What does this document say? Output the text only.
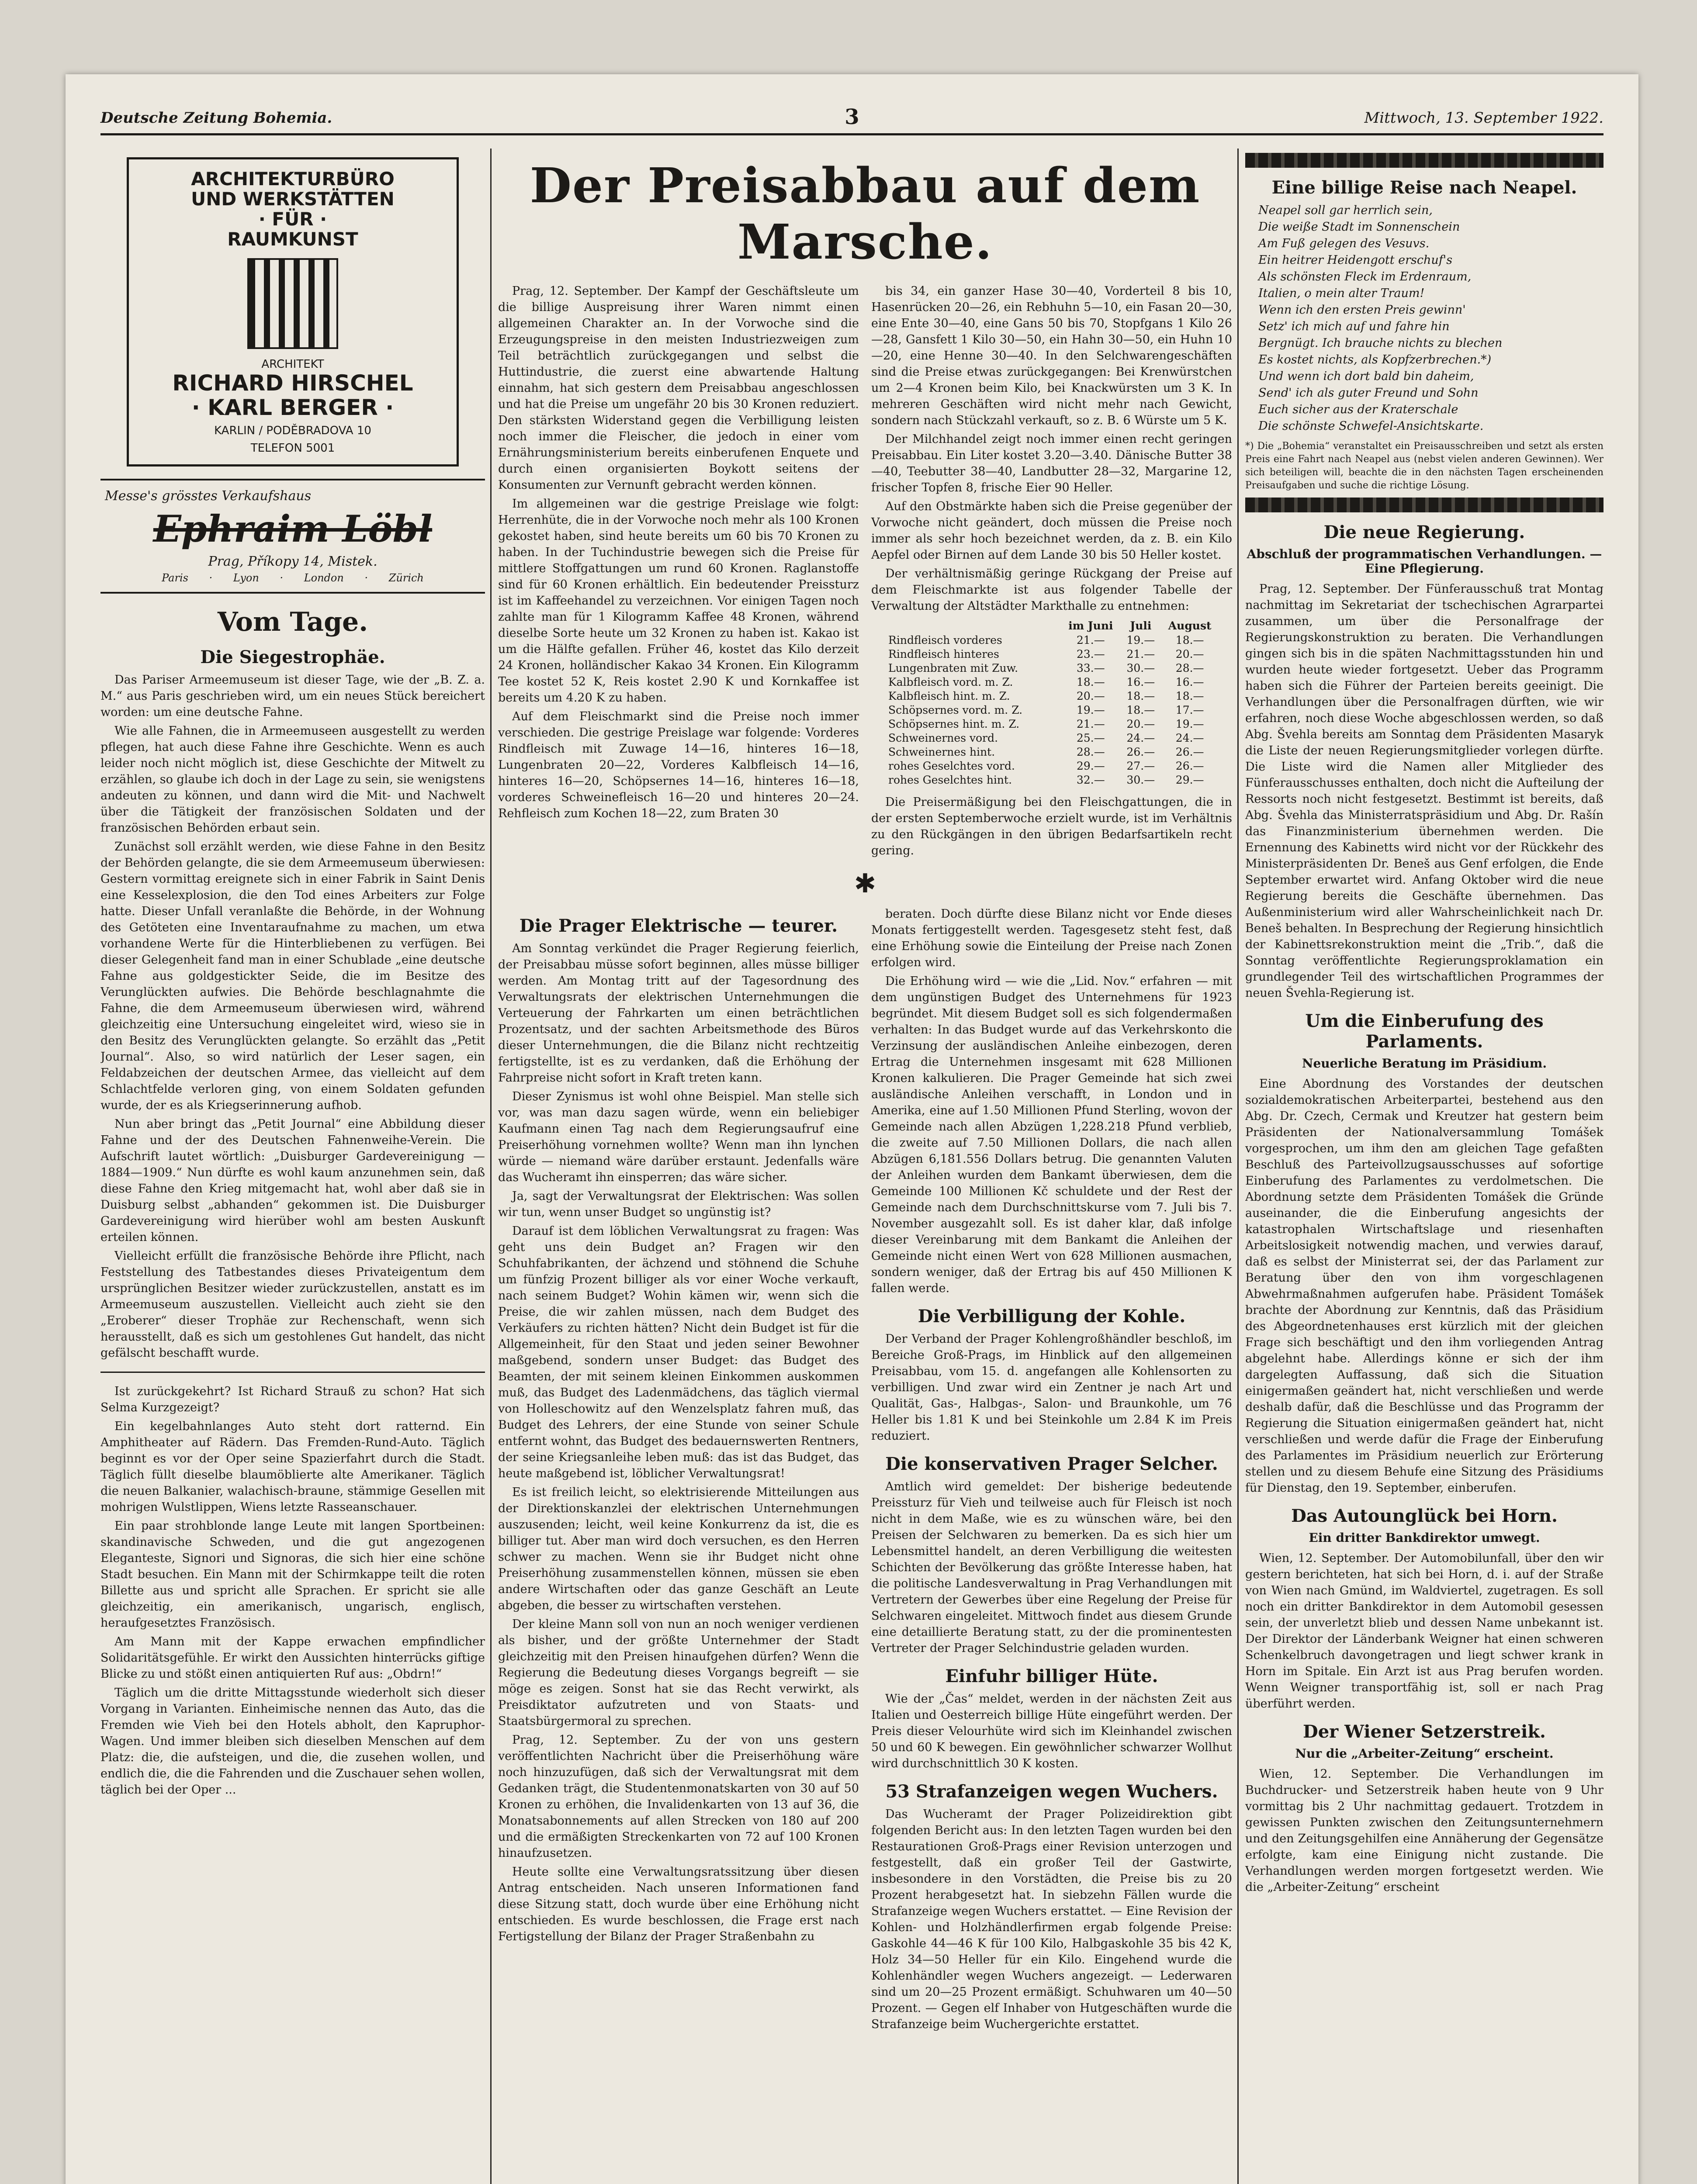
Deutsche Zeitung Bohemia.	3	Mittwoch, 13. September 1922.
ARCHITEKTURBÜRO
UND WERKSTÄTTEN
· FÜR ·
RAUMKUNST
ARCHITEKT
RICHARD HIRSCHEL
· KARL BERGER ·
KARLIN / PODĚBRADOVA 10
TELEFON 5001
Messe's grösstes Verkaufshaus
Ephraim Löbl
Prag, Příkopy 14, Mistek.
Paris · Lyon · London · Zürich
Vom Tage.
Die Siegestrophäe.

Das Pariser Armeemuseum ist dieser Tage, wie der „B. Z. a. M.“ aus Paris geschrieben wird, um ein neues Stück bereichert worden: um eine deutsche Fahne.

Wie alle Fahnen, die in Armeemuseen ausgestellt zu werden pflegen, hat auch diese Fahne ihre Geschichte. Wenn es auch leider noch nicht möglich ist, diese Geschichte der Mitwelt zu erzählen, so glaube ich doch in der Lage zu sein, sie wenigstens andeuten zu können, und dann wird die Mit- und Nachwelt über die Tätigkeit der französischen Soldaten und der französischen Behörden erbaut sein.

Zunächst soll erzählt werden, wie diese Fahne in den Besitz der Behörden gelangte, die sie dem Armeemuseum überwiesen: Gestern vormittag ereignete sich in einer Fabrik in Saint Denis eine Kesselexplosion, die den Tod eines Arbeiters zur Folge hatte. Dieser Unfall veranlaßte die Behörde, in der Wohnung des Getöteten eine Inventaraufnahme zu machen, um etwa vorhandene Werte für die Hinterbliebenen zu verfügen. Bei dieser Gelegenheit fand man in einer Schublade „eine deutsche Fahne aus goldgestickter Seide, die im Besitze des Verunglückten aufwies. Die Behörde beschlagnahmte die Fahne, die dem Armeemuseum überwiesen wird, während gleichzeitig eine Untersuchung eingeleitet wird, wieso sie in den Besitz des Verunglückten gelangte. So erzählt das „Petit Journal“. Also, so wird natürlich der Leser sagen, ein Feldabzeichen der deutschen Armee, das vielleicht auf dem Schlachtfelde verloren ging, von einem Soldaten gefunden wurde, der es als Kriegserinnerung aufhob.

Nun aber bringt das „Petit Journal“ eine Abbildung dieser Fahne und der des Deutschen Fahnenweihe-Verein. Die Aufschrift lautet wörtlich: „Duisburger Gardevereinigung — 1884—1909.“ Nun dürfte es wohl kaum anzunehmen sein, daß diese Fahne den Krieg mitgemacht hat, wohl aber daß sie in Duisburg selbst „abhanden“ gekommen ist. Die Duisburger Gardevereinigung wird hierüber wohl am besten Auskunft erteilen können.

Vielleicht erfüllt die französische Behörde ihre Pflicht, nach Feststellung des Tatbestandes dieses Privateigentum dem ursprünglichen Besitzer wieder zurückzustellen, anstatt es im Armeemuseum auszustellen. Vielleicht auch zieht sie den „Eroberer“ dieser Trophäe zur Rechenschaft, wenn sich herausstellt, daß es sich um gestohlenes Gut handelt, das nicht gefälscht beschafft wurde.

Ist zurückgekehrt? Ist Richard Strauß zu schon? Hat sich Selma Kurzgezeigt?

Ein kegelbahnlanges Auto steht dort ratternd. Ein Amphitheater auf Rädern. Das Fremden-Rund-Auto. Täglich beginnt es vor der Oper seine Spazierfahrt durch die Stadt. Täglich füllt dieselbe blaumöblierte alte Amerikaner. Täglich die neuen Balkanier, walachisch-braune, stämmige Gesellen mit mohrigen Wulstlippen, Wiens letzte Rasseanschauer.

Ein paar strohblonde lange Leute mit langen Sportbeinen: skandinavische Schweden, und die gut angezogenen Eleganteste, Signori und Signoras, die sich hier eine schöne Stadt besuchen. Ein Mann mit der Schirmkappe teilt die roten Billette aus und spricht alle Sprachen. Er spricht sie alle gleichzeitig, ein amerikanisch, ungarisch, englisch, heraufgesetztes Französisch.

Am Mann mit der Kappe erwachen empfindlicher Solidaritätsgefühle. Er wirkt den Aussichten hinterrücks giftige Blicke zu und stößt einen antiquierten Ruf aus: „Obdrn!“

Täglich um die dritte Mittagsstunde wiederholt sich dieser Vorgang in Varianten. Einheimische nennen das Auto, das die Fremden wie Vieh bei den Hotels abholt, den Kapruphor-Wagen. Und immer bleiben sich dieselben Menschen auf dem Platz: die, die aufsteigen, und die, die zusehen wollen, und endlich die, die die Fahrenden und die Zuschauer sehen wollen, täglich bei der Oper ...

Der Preisabbau auf dem Marsche.

Prag, 12. September. Der Kampf der Geschäftsleute um die billige Auspreisung ihrer Waren nimmt einen allgemeinen Charakter an. In der Vorwoche sind die Erzeugungspreise in den meisten Industriezweigen zum Teil beträchtlich zurückgegangen und selbst die Huttindustrie, die zuerst eine abwartende Haltung einnahm, hat sich gestern dem Preisabbau angeschlossen und hat die Preise um ungefähr 20 bis 30 Kronen reduziert. Den stärksten Widerstand gegen die Verbilligung leisten noch immer die Fleischer, die jedoch in einer vom Ernährungsministerium bereits einberufenen Enquete und durch einen organisierten Boykott seitens der Konsumenten zur Vernunft gebracht werden können.

Im allgemeinen war die gestrige Preislage wie folgt: Herrenhüte, die in der Vorwoche noch mehr als 100 Kronen gekostet haben, sind heute bereits um 60 bis 70 Kronen zu haben. In der Tuchindustrie bewegen sich die Preise für mittlere Stoffgattungen um rund 60 Kronen. Raglanstoffe sind für 60 Kronen erhältlich. Ein bedeutender Preissturz ist im Kaffeehandel zu verzeichnen. Vor einigen Tagen noch zahlte man für 1 Kilogramm Kaffee 48 Kronen, während dieselbe Sorte heute um 32 Kronen zu haben ist. Kakao ist um die Hälfte gefallen. Früher 46, kostet das Kilo derzeit 24 Kronen, holländischer Kakao 34 Kronen. Ein Kilogramm Tee kostet 52 K, Reis kostet 2.90 K und Kornkaffee ist bereits um 4.20 K zu haben.

Auf dem Fleischmarkt sind die Preise noch immer verschieden. Die gestrige Preislage war folgende: Vorderes Rindfleisch mit Zuwage 14—16, hinteres 16—18, Lungenbraten 20—22, Vorderes Kalbfleisch 14—16, hinteres 16—20, Schöpsernes 14—16, hinteres 16—18, vorderes Schweinefleisch 16—20 und hinteres 20—24. Rehfleisch zum Kochen 18—22, zum Braten 30

bis 34, ein ganzer Hase 30—40, Vorderteil 8 bis 10, Hasenrücken 20—26, ein Rebhuhn 5—10, ein Fasan 20—30, eine Ente 30—40, eine Gans 50 bis 70, Stopfgans 1 Kilo 26—28, Gansfett 1 Kilo 30—50, ein Hahn 30—50, ein Huhn 10—20, eine Henne 30—40. In den Selchwarengeschäften sind die Preise etwas zurückgegangen: Bei Krenwürstchen um 2—4 Kronen beim Kilo, bei Knackwürsten um 3 K. In mehreren Geschäften wird nicht mehr nach Gewicht, sondern nach Stückzahl verkauft, so z. B. 6 Würste um 5 K.

Der Milchhandel zeigt noch immer einen recht geringen Preisabbau. Ein Liter kostet 3.20—3.40. Dänische Butter 38—40, Teebutter 38—40, Landbutter 28—32, Margarine 12, frischer Topfen 8, frische Eier 90 Heller.

Auf den Obstmärkte haben sich die Preise gegenüber der Vorwoche nicht geändert, doch müssen die Preise noch immer als sehr hoch bezeichnet werden, da z. B. ein Kilo Aepfel oder Birnen auf dem Lande 30 bis 50 Heller kostet.

Der verhältnismäßig geringe Rückgang der Preise auf dem Fleischmarkte ist aus folgender Tabelle der Verwaltung der Altstädter Markthalle zu entnehmen:

	im Juni	Juli	August
Rindfleisch vorderes	21.—	19.—	18.—
Rindfleisch hinteres	23.—	21.—	20.—
Lungenbraten mit Zuw.	33.—	30.—	28.—
Kalbfleisch vord. m. Z.	18.—	16.—	16.—
Kalbfleisch hint. m. Z.	20.—	18.—	18.—
Schöpsernes vord. m. Z.	19.—	18.—	17.—
Schöpsernes hint. m. Z.	21.—	20.—	19.—
Schweinernes vord.	25.—	24.—	24.—
Schweinernes hint.	28.—	26.—	26.—
rohes Geselchtes vord.	29.—	27.—	26.—
rohes Geselchtes hint.	32.—	30.—	29.—

Die Preisermäßigung bei den Fleischgattungen, die in der ersten Septemberwoche erzielt wurde, ist im Verhältnis zu den Rückgängen in den übrigen Bedarfsartikeln recht gering.

✱
Die Prager Elektrische — teurer.

Am Sonntag verkündet die Prager Regierung feierlich, der Preisabbau müsse sofort beginnen, alles müsse billiger werden. Am Montag tritt auf der Tagesordnung des Verwaltungsrats der elektrischen Unternehmungen die Verteuerung der Fahrkarten um einen beträchtlichen Prozentsatz, und der sachten Arbeitsmethode des Büros dieser Unternehmungen, die die Bilanz nicht rechtzeitig fertigstellte, ist es zu verdanken, daß die Erhöhung der Fahrpreise nicht sofort in Kraft treten kann.

Dieser Zynismus ist wohl ohne Beispiel. Man stelle sich vor, was man dazu sagen würde, wenn ein beliebiger Kaufmann einen Tag nach dem Regierungsaufruf eine Preiserhöhung vornehmen wollte? Wenn man ihn lynchen würde — niemand wäre darüber erstaunt. Jedenfalls wäre das Wucheramt ihn einsperren; das wäre sicher.

Ja, sagt der Verwaltungsrat der Elektrischen: Was sollen wir tun, wenn unser Budget so ungünstig ist?

Darauf ist dem löblichen Verwaltungsrat zu fragen: Was geht uns dein Budget an? Fragen wir den Schuhfabrikanten, der ächzend und stöhnend die Schuhe um fünfzig Prozent billiger als vor einer Woche verkauft, nach seinem Budget? Wohin kämen wir, wenn sich die Preise, die wir zahlen müssen, nach dem Budget des Verkäufers zu richten hätten? Nicht dein Budget ist für die Allgemeinheit, für den Staat und jeden seiner Bewohner maßgebend, sondern unser Budget: das Budget des Beamten, der mit seinem kleinen Einkommen auskommen muß, das Budget des Ladenmädchens, das täglich viermal von Holleschowitz auf den Wenzelsplatz fahren muß, das Budget des Lehrers, der eine Stunde von seiner Schule entfernt wohnt, das Budget des bedauernswerten Rentners, der seine Kriegsanleihe leben muß: das ist das Budget, das heute maßgebend ist, löblicher Verwaltungsrat!

Es ist freilich leicht, so elektrisierende Mitteilungen aus der Direktionskanzlei der elektrischen Unternehmungen auszusenden; leicht, weil keine Konkurrenz da ist, die es billiger tut. Aber man wird doch versuchen, es den Herren schwer zu machen. Wenn sie ihr Budget nicht ohne Preiserhöhung zusammenstellen können, müssen sie eben andere Wirtschaften oder das ganze Geschäft an Leute abgeben, die besser zu wirtschaften verstehen.

Der kleine Mann soll von nun an noch weniger verdienen als bisher, und der größte Unternehmer der Stadt gleichzeitig mit den Preisen hinaufgehen dürfen? Wenn die Regierung die Bedeutung dieses Vorgangs begreift — sie möge es zeigen. Sonst hat sie das Recht verwirkt, als Preisdiktator aufzutreten und von Staats- und Staatsbürgermoral zu sprechen.

Prag, 12. September. Zu der von uns gestern veröffentlichten Nachricht über die Preiserhöhung wäre noch hinzuzufügen, daß sich der Verwaltungsrat mit dem Gedanken trägt, die Studentenmonatskarten von 30 auf 50 Kronen zu erhöhen, die Invalidenkarten von 13 auf 36, die Monatsabonnements auf allen Strecken von 180 auf 200 und die ermäßigten Streckenkarten von 72 auf 100 Kronen hinaufzusetzen.

Heute sollte eine Verwaltungsratssitzung über diesen Antrag entscheiden. Nach unseren Informationen fand diese Sitzung statt, doch wurde über eine Erhöhung nicht entschieden. Es wurde beschlossen, die Frage erst nach Fertigstellung der Bilanz der Prager Straßenbahn zu

beraten. Doch dürfte diese Bilanz nicht vor Ende dieses Monats fertiggestellt werden. Tagesgesetz steht fest, daß eine Erhöhung sowie die Einteilung der Preise nach Zonen erfolgen wird.

Die Erhöhung wird — wie die „Lid. Nov.“ erfahren — mit dem ungünstigen Budget des Unternehmens für 1923 begründet. Mit diesem Budget soll es sich folgendermaßen verhalten: In das Budget wurde auf das Verkehrskonto die Verzinsung der ausländischen Anleihe einbezogen, deren Ertrag die Unternehmen insgesamt mit 628 Millionen Kronen kalkulieren. Die Prager Gemeinde hat sich zwei ausländische Anleihen verschafft, in London und in Amerika, eine auf 1.50 Millionen Pfund Sterling, wovon der Gemeinde nach allen Abzügen 1,228.218 Pfund verblieb, die zweite auf 7.50 Millionen Dollars, die nach allen Abzügen 6,181.556 Dollars betrug. Die genannten Valuten der Anleihen wurden dem Bankamt überwiesen, dem die Gemeinde 100 Millionen Kč schuldete und der Rest der Gemeinde nach dem Durchschnittskurse vom 7. Juli bis 7. November ausgezahlt soll. Es ist daher klar, daß infolge dieser Vereinbarung mit dem Bankamt die Anleihen der Gemeinde nicht einen Wert von 628 Millionen ausmachen, sondern weniger, daß der Ertrag bis auf 450 Millionen K fallen werde.

Die Verbilligung der Kohle.

Der Verband der Prager Kohlengroßhändler beschloß, im Bereiche Groß-Prags, im Hinblick auf den allgemeinen Preisabbau, vom 15. d. angefangen alle Kohlensorten zu verbilligen. Und zwar wird ein Zentner je nach Art und Qualität, Gas-, Halbgas-, Salon- und Braunkohle, um 76 Heller bis 1.81 K und bei Steinkohle um 2.84 K im Preis reduziert.

Die konservativen Prager Selcher.

Amtlich wird gemeldet: Der bisherige bedeutende Preissturz für Vieh und teilweise auch für Fleisch ist noch nicht in dem Maße, wie es zu wünschen wäre, bei den Preisen der Selchwaren zu bemerken. Da es sich hier um Lebensmittel handelt, an deren Verbilligung die weitesten Schichten der Bevölkerung das größte Interesse haben, hat die politische Landesverwaltung in Prag Verhandlungen mit Vertretern der Gewerbes über eine Regelung der Preise für Selchwaren eingeleitet. Mittwoch findet aus diesem Grunde eine detaillierte Beratung statt, zu der die prominentesten Vertreter der Prager Selchindustrie geladen wurden.

Einfuhr billiger Hüte.

Wie der „Čas“ meldet, werden in der nächsten Zeit aus Italien und Oesterreich billige Hüte eingeführt werden. Der Preis dieser Velourhüte wird sich im Kleinhandel zwischen 50 und 60 K bewegen. Ein gewöhnlicher schwarzer Wollhut wird durchschnittlich 30 K kosten.

53 Strafanzeigen wegen Wuchers.

Das Wucheramt der Prager Polizeidirektion gibt folgenden Bericht aus: In den letzten Tagen wurden bei den Restaurationen Groß-Prags einer Revision unterzogen und festgestellt, daß ein großer Teil der Gastwirte, insbesondere in den Vorstädten, die Preise bis zu 20 Prozent herabgesetzt hat. In siebzehn Fällen wurde die Strafanzeige wegen Wuchers erstattet. — Eine Revision der Kohlen- und Holzhändlerfirmen ergab folgende Preise: Gaskohle 44—46 K für 100 Kilo, Halbgaskohle 35 bis 42 K, Holz 34—50 Heller für ein Kilo. Eingehend wurde die Kohlenhändler wegen Wuchers angezeigt. — Lederwaren sind um 20—25 Prozent ermäßigt. Schuhwaren um 40—50 Prozent. — Gegen elf Inhaber von Hutgeschäften wurde die Strafanzeige beim Wuchergerichte erstattet.

Eine billige Reise nach Neapel.
Neapel soll gar herrlich sein,
Die weiße Stadt im Sonnenschein
Am Fuß gelegen des Vesuvs.
Ein heitrer Heidengott erschuf's
Als schönsten Fleck im Erdenraum,
Italien, o mein alter Traum!
Wenn ich den ersten Preis gewinn'
Setz' ich mich auf und fahre hin
Bergnügt. Ich brauche nichts zu blechen
Es kostet nichts, als Kopfzerbrechen.*)
Und wenn ich dort bald bin daheim,
Send' ich als guter Freund und Sohn
Euch sicher aus der Kraterschale
Die schönste Schwefel-Ansichtskarte.
*) Die „Bohemia“ veranstaltet ein Preisausschreiben und setzt als ersten Preis eine Fahrt nach Neapel aus (nebst vielen anderen Gewinnen). Wer sich beteiligen will, beachte die in den nächsten Tagen erscheinenden Preisaufgaben und suche die richtige Lösung.
Die neue Regierung.
Abschluß der programmatischen Verhandlungen. — Eine Pflegierung.

Prag, 12. September. Der Fünferausschuß trat Montag nachmittag im Sekretariat der tschechischen Agrarpartei zusammen, um über die Personalfrage der Regierungskonstruktion zu beraten. Die Verhandlungen gingen sich bis in die späten Nachmittagsstunden hin und wurden heute wieder fortgesetzt. Ueber das Programm haben sich die Führer der Parteien bereits geeinigt. Die Verhandlungen über die Personalfragen dürften, wie wir erfahren, noch diese Woche abgeschlossen werden, so daß Abg. Švehla bereits am Sonntag dem Präsidenten Masaryk die Liste der neuen Regierungsmitglieder vorlegen dürfte. Die Liste wird die Namen aller Mitglieder des Fünferausschusses enthalten, doch nicht die Aufteilung der Ressorts noch nicht festgesetzt. Bestimmt ist bereits, daß Abg. Švehla das Ministerratspräsidium und Abg. Dr. Rašín das Finanzministerium übernehmen werden. Die Ernennung des Kabinetts wird nicht vor der Rückkehr des Ministerpräsidenten Dr. Beneš aus Genf erfolgen, die Ende September erwartet wird. Anfang Oktober wird die neue Regierung bereits die Geschäfte übernehmen. Das Außenministerium wird aller Wahrscheinlichkeit nach Dr. Beneš behalten. In Besprechung der Regierung hinsichtlich der Kabinettsrekonstruktion meint die „Trib.“, daß die Sonntag veröffentlichte Regierungsproklamation ein grundlegender Teil des wirtschaftlichen Programmes der neuen Švehla-Regierung ist.

Um die Einberufung des Parlaments.
Neuerliche Beratung im Präsidium.

Eine Abordnung des Vorstandes der deutschen sozialdemokratischen Arbeiterpartei, bestehend aus den Abg. Dr. Czech, Cermak und Kreutzer hat gestern beim Präsidenten der Nationalversammlung Tomášek vorgesprochen, um ihm den am gleichen Tage gefaßten Beschluß des Parteivollzugsausschusses auf sofortige Einberufung des Parlamentes zu verdolmetschen. Die Abordnung setzte dem Präsidenten Tomášek die Gründe auseinander, die die Einberufung angesichts der katastrophalen Wirtschaftslage und riesenhaften Arbeitslosigkeit notwendig machen, und verwies darauf, daß es selbst der Ministerrat sei, der das Parlament zur Beratung über den von ihm vorgeschlagenen Abwehrmaßnahmen aufgerufen habe. Präsident Tomášek brachte der Abordnung zur Kenntnis, daß das Präsidium des Abgeordnetenhauses erst kürzlich mit der gleichen Frage sich beschäftigt und den ihm vorliegenden Antrag abgelehnt habe. Allerdings könne er sich der ihm dargelegten Auffassung, daß sich die Situation einigermaßen geändert hat, nicht verschließen und werde deshalb dafür, daß die Beschlüsse und das Programm der Regierung die Situation einigermaßen geändert hat, nicht verschließen und werde dafür die Frage der Einberufung des Parlamentes im Präsidium neuerlich zur Erörterung stellen und zu diesem Behufe eine Sitzung des Präsidiums für Dienstag, den 19. September, einberufen.

Das Autounglück bei Horn.
Ein dritter Bankdirektor umwegt.

Wien, 12. September. Der Automobilunfall, über den wir gestern berichteten, hat sich bei Horn, d. i. auf der Straße von Wien nach Gmünd, im Waldviertel, zugetragen. Es soll noch ein dritter Bankdirektor in dem Automobil gesessen sein, der unverletzt blieb und dessen Name unbekannt ist. Der Direktor der Länderbank Weigner hat einen schweren Schenkelbruch davongetragen und liegt schwer krank in Horn im Spitale. Ein Arzt ist aus Prag berufen worden. Wenn Weigner transportfähig ist, soll er nach Prag überführt werden.

Der Wiener Setzerstreik.
Nur die „Arbeiter-Zeitung“ erscheint.

Wien, 12. September. Die Verhandlungen im Buchdrucker- und Setzerstreik haben heute von 9 Uhr vormittag bis 2 Uhr nachmittag gedauert. Trotzdem in gewissen Punkten zwischen den Zeitungsunternehmern und den Zeitungsgehilfen eine Annäherung der Gegensätze erfolgte, kam eine Einigung nicht zustande. Die Verhandlungen werden morgen fortgesetzt werden. Wie die „Arbeiter-Zeitung“ erscheint
